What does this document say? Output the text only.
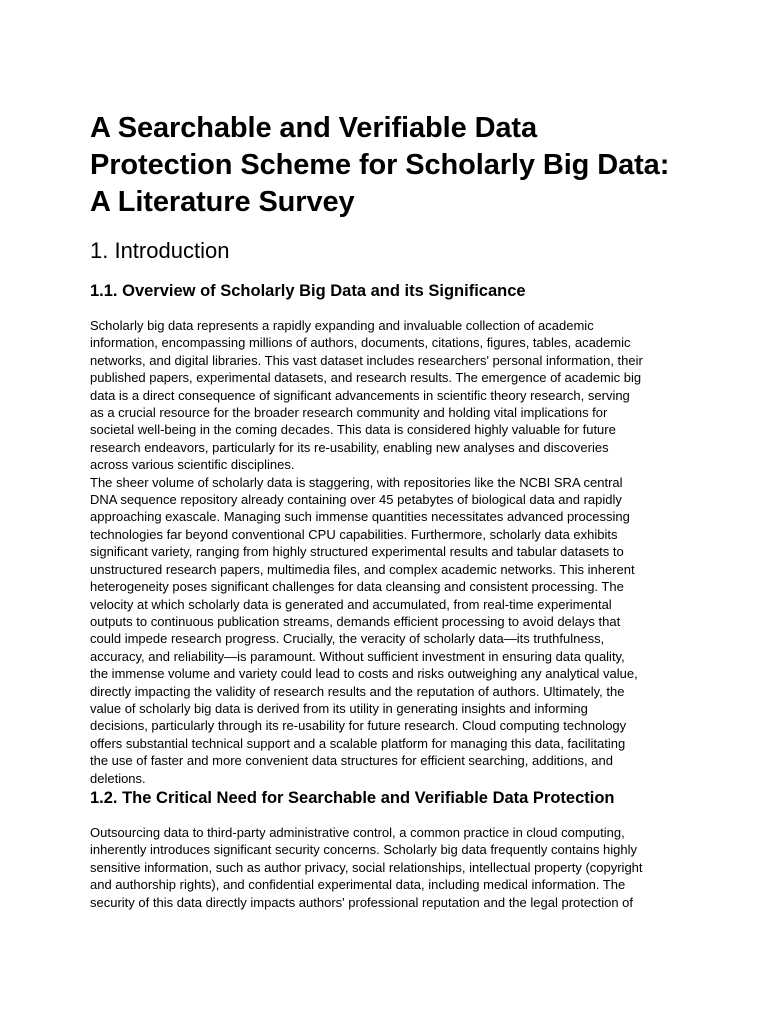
A Searchable and Verifiable Data Protection Scheme for Scholarly Big Data: A Literature Survey
1. Introduction
1.1. Overview of Scholarly Big Data and its Significance

Scholarly big data represents a rapidly expanding and invaluable collection of academic
information, encompassing millions of authors, documents, citations, figures, tables, academic
networks, and digital libraries. This vast dataset includes researchers' personal information, their
published papers, experimental datasets, and research results. The emergence of academic big
data is a direct consequence of significant advancements in scientific theory research, serving
as a crucial resource for the broader research community and holding vital implications for
societal well-being in the coming decades. This data is considered highly valuable for future
research endeavors, particularly for its re-usability, enabling new analyses and discoveries
across various scientific disciplines.

The sheer volume of scholarly data is staggering, with repositories like the NCBI SRA central
DNA sequence repository already containing over 45 petabytes of biological data and rapidly
approaching exascale. Managing such immense quantities necessitates advanced processing
technologies far beyond conventional CPU capabilities. Furthermore, scholarly data exhibits
significant variety, ranging from highly structured experimental results and tabular datasets to
unstructured research papers, multimedia files, and complex academic networks. This inherent
heterogeneity poses significant challenges for data cleansing and consistent processing. The
velocity at which scholarly data is generated and accumulated, from real-time experimental
outputs to continuous publication streams, demands efficient processing to avoid delays that
could impede research progress. Crucially, the veracity of scholarly data—its truthfulness,
accuracy, and reliability—is paramount. Without sufficient investment in ensuring data quality,
the immense volume and variety could lead to costs and risks outweighing any analytical value,
directly impacting the validity of research results and the reputation of authors. Ultimately, the
value of scholarly big data is derived from its utility in generating insights and informing
decisions, particularly through its re-usability for future research. Cloud computing technology
offers substantial technical support and a scalable platform for managing this data, facilitating
the use of faster and more convenient data structures for efficient searching, additions, and
deletions.

1.2. The Critical Need for Searchable and Verifiable Data Protection

Outsourcing data to third-party administrative control, a common practice in cloud computing,
inherently introduces significant security concerns. Scholarly big data frequently contains highly
sensitive information, such as author privacy, social relationships, intellectual property (copyright
and authorship rights), and confidential experimental data, including medical information. The
security of this data directly impacts authors' professional reputation and the legal protection of
